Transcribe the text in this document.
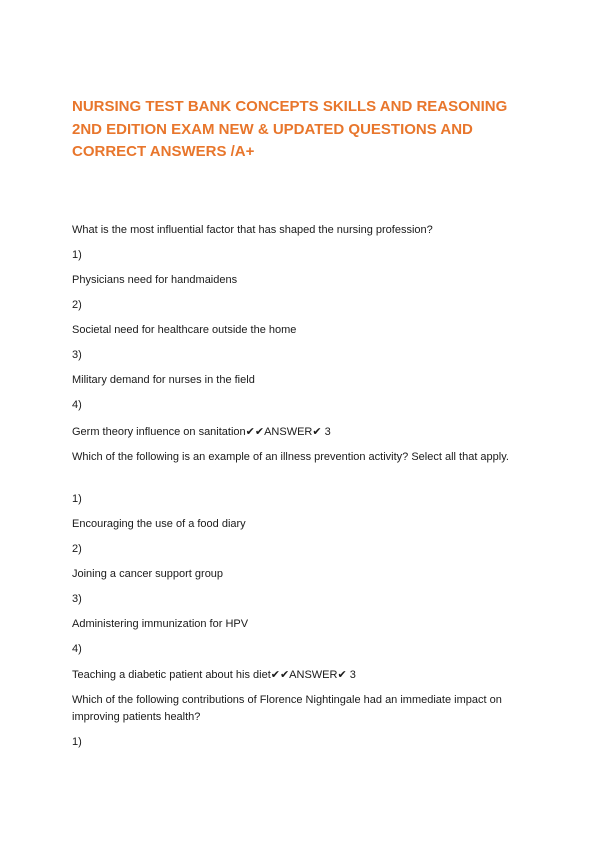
NURSING TEST BANK CONCEPTS SKILLS AND REASONING 2ND EDITION EXAM NEW & UPDATED QUESTIONS AND CORRECT ANSWERS /A+

What is the most influential factor that has shaped the nursing profession?

1)

Physicians need for handmaidens

2)

Societal need for healthcare outside the home

3)

Military demand for nurses in the field

4)

Germ theory influence on sanitation✔✔ANSWER✔ 3

Which of the following is an example of an illness prevention activity? Select all that apply.

1)

Encouraging the use of a food diary

2)

Joining a cancer support group

3)

Administering immunization for HPV

4)

Teaching a diabetic patient about his diet✔✔ANSWER✔ 3

Which of the following contributions of Florence Nightingale had an immediate impact on improving patients health?

1)
